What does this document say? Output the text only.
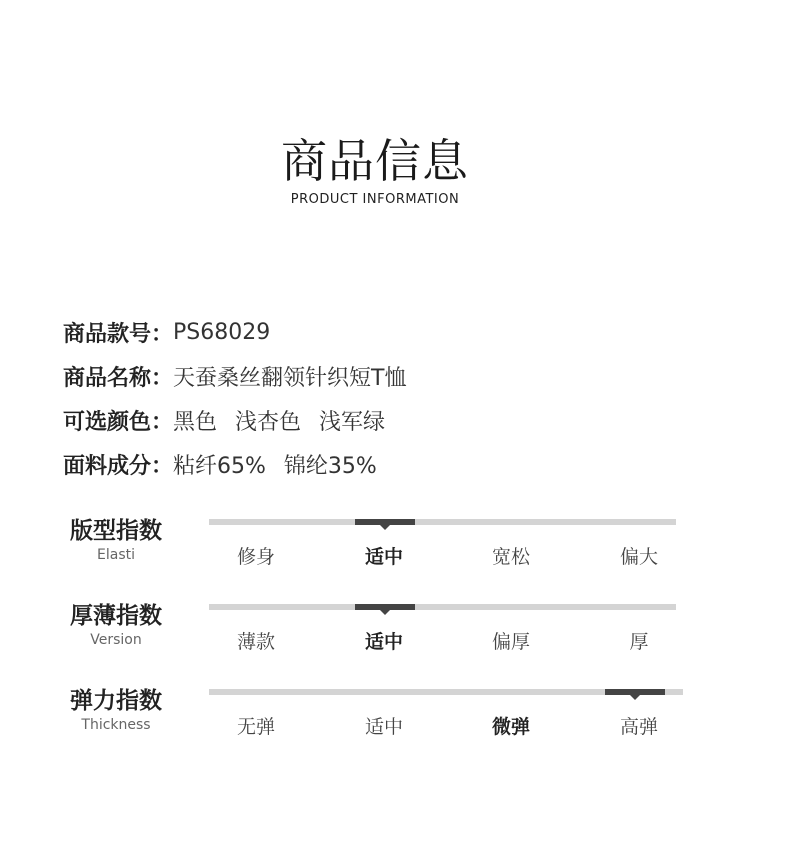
商品信息
PRODUCT INFORMATION
商品款号： PS68029
商品名称： 天蚕桑丝翻领针织短T恤
可选颜色： 黑色 浅杏色 浅军绿
面料成分： 粘纤65% 锦纶35%
版型指数
Elasti	修身	适中	宽松	偏大
厚薄指数
Version	薄款	适中	偏厚	厚
弹力指数
Thickness	无弹	适中	微弹	高弹
